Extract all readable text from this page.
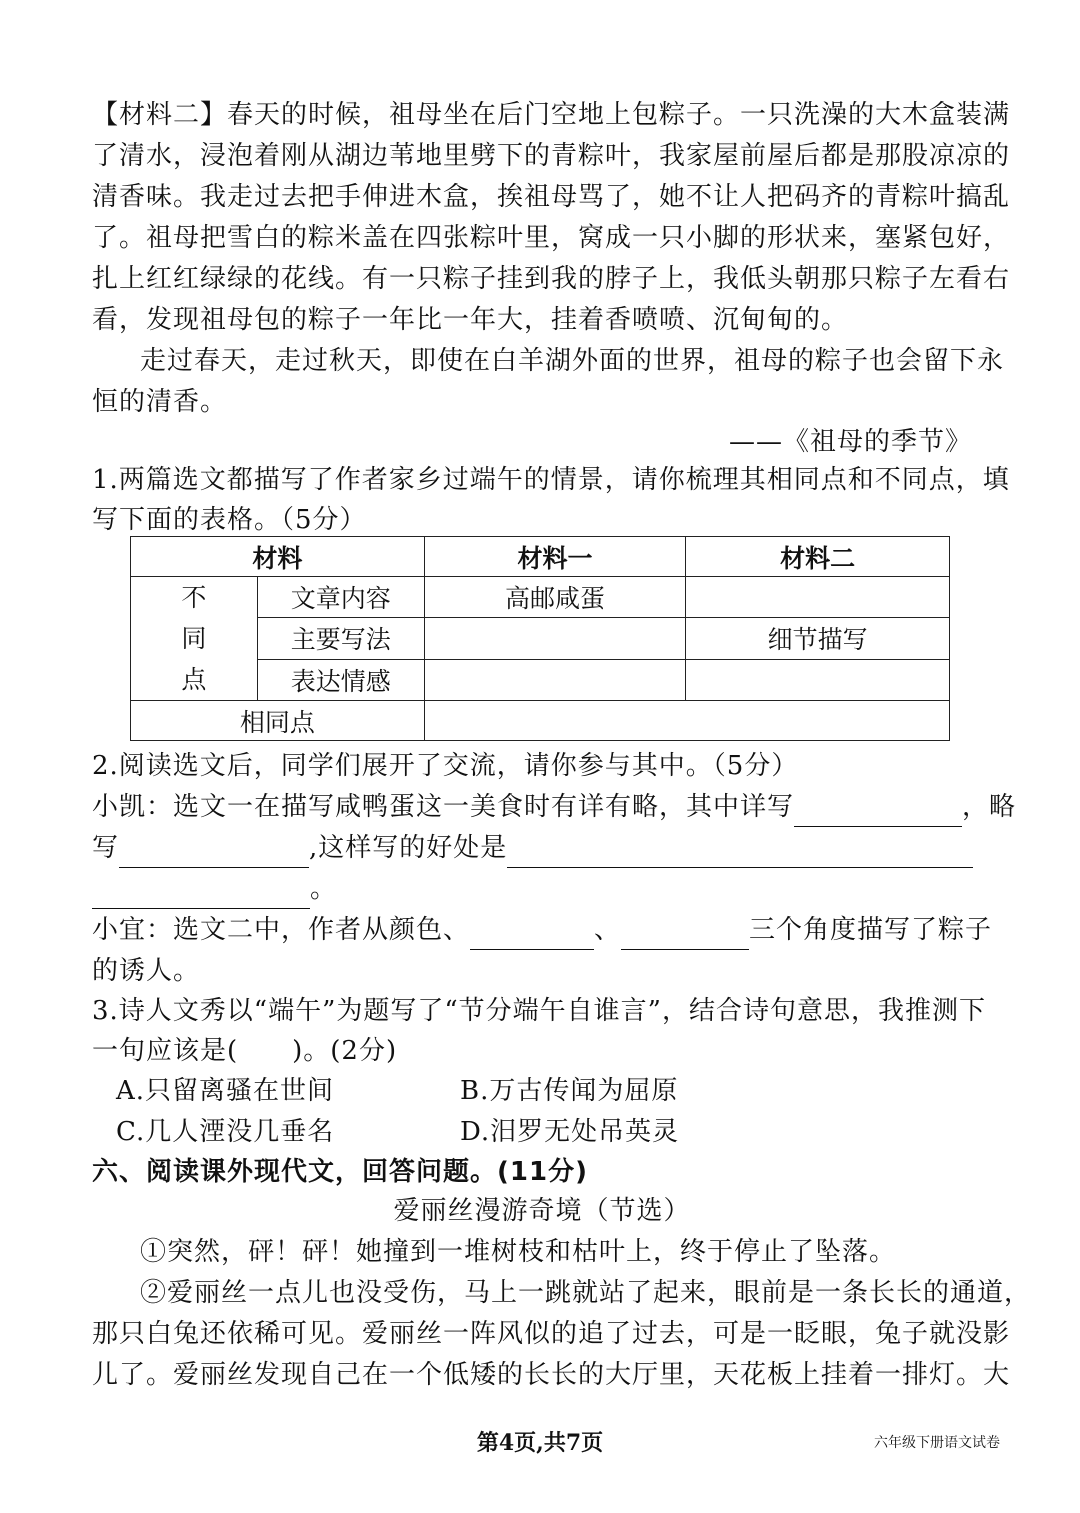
【材料二】春天的时候，祖母坐在后门空地上包粽子。一只洗澡的大木盒装满
了清水，浸泡着刚从湖边苇地里劈下的青粽叶，我家屋前屋后都是那股凉凉的
清香味。我走过去把手伸进木盒，挨祖母骂了，她不让人把码齐的青粽叶搞乱
了。祖母把雪白的粽米盖在四张粽叶里，窝成一只小脚的形状来，塞紧包好，
扎上红红绿绿的花线。有一只粽子挂到我的脖子上，我低头朝那只粽子左看右
看，发现祖母包的粽子一年比一年大，挂着香喷喷、沉甸甸的。
走过春天，走过秋天，即使在白羊湖外面的世界，祖母的粽子也会留下永
恒的清香。
——《祖母的季节》
1.两篇选文都描写了作者家乡过端午的情景，请你梳理其相同点和不同点，填
写下面的表格。（5分）
材料		材料一	材料二

不
同
点	文章内容	高邮咸蛋	
	主要写法		细节描写
	表达情感		
相同点			
2.阅读选文后，同学们展开了交流，请你参与其中。（5分）
小凯：选文一在描写咸鸭蛋这一美食时有详有略，其中详写	，略
写	,这样写的好处是
。
小宜：选文二中，作者从颜色、	、	三个角度描写了粽子
的诱人。
3.诗人文秀以“端午”为题写了“节分端午自谁言”，结合诗句意思，我推测下
一句应该是(　　)。(2分)
A.只留离骚在世间	B.万古传闻为屈原
C.几人湮没几垂名	D.汨罗无处吊英灵
六、阅读课外现代文，回答问题。(11分)
爱丽丝漫游奇境（节选）
①突然，砰！砰！她撞到一堆树枝和枯叶上，终于停止了坠落。
②爱丽丝一点儿也没受伤，马上一跳就站了起来，眼前是一条长长的通道，
那只白兔还依稀可见。爱丽丝一阵风似的追了过去，可是一眨眼，兔子就没影
儿了。爱丽丝发现自己在一个低矮的长长的大厅里，天花板上挂着一排灯。大
第4页,共7页	六年级下册语文试卷
